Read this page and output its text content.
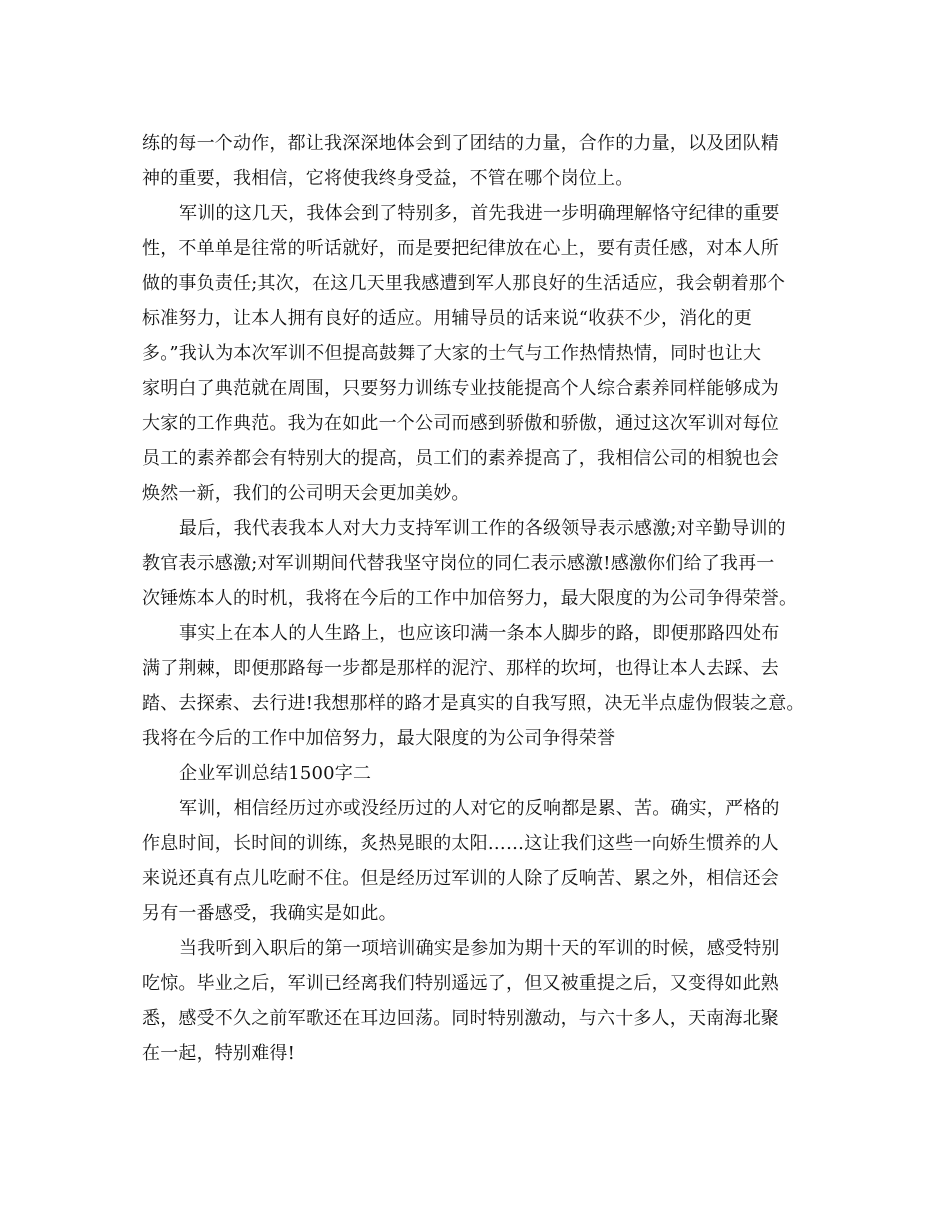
练的每一个动作，都让我深深地体会到了团结的力量，合作的力量，以及团队精
神的重要，我相信，它将使我终身受益，不管在哪个岗位上。
军训的这几天，我体会到了特别多，首先我进一步明确理解恪守纪律的重要
性，不单单是往常的听话就好，而是要把纪律放在心上，要有责任感，对本人所
做的事负责任;其次，在这几天里我感遭到军人那良好的生活适应，我会朝着那个
标准努力，让本人拥有良好的适应。用辅导员的话来说“收获不少，消化的更
多。”我认为本次军训不但提高鼓舞了大家的士气与工作热情热情，同时也让大
家明白了典范就在周围，只要努力训练专业技能提高个人综合素养同样能够成为
大家的工作典范。我为在如此一个公司而感到骄傲和骄傲，通过这次军训对每位
员工的素养都会有特别大的提高，员工们的素养提高了，我相信公司的相貌也会
焕然一新，我们的公司明天会更加美妙。
最后，我代表我本人对大力支持军训工作的各级领导表示感激;对辛勤导训的
教官表示感激;对军训期间代替我坚守岗位的同仁表示感激!感激你们给了我再一
次锤炼本人的时机，我将在今后的工作中加倍努力，最大限度的为公司争得荣誉。
事实上在本人的人生路上，也应该印满一条本人脚步的路，即便那路四处布
满了荆棘，即便那路每一步都是那样的泥泞、那样的坎坷，也得让本人去踩、去
踏、去探索、去行进!我想那样的路才是真实的自我写照，决无半点虚伪假装之意。
我将在今后的工作中加倍努力，最大限度的为公司争得荣誉
企业军训总结1500字二
军训，相信经历过亦或没经历过的人对它的反响都是累、苦。确实，严格的
作息时间，长时间的训练，炙热晃眼的太阳……这让我们这些一向娇生惯养的人
来说还真有点儿吃耐不住。但是经历过军训的人除了反响苦、累之外，相信还会
另有一番感受，我确实是如此。
当我听到入职后的第一项培训确实是参加为期十天的军训的时候，感受特别
吃惊。毕业之后，军训已经离我们特别遥远了，但又被重提之后，又变得如此熟
悉，感受不久之前军歌还在耳边回荡。同时特别激动，与六十多人，天南海北聚
在一起，特别难得!
